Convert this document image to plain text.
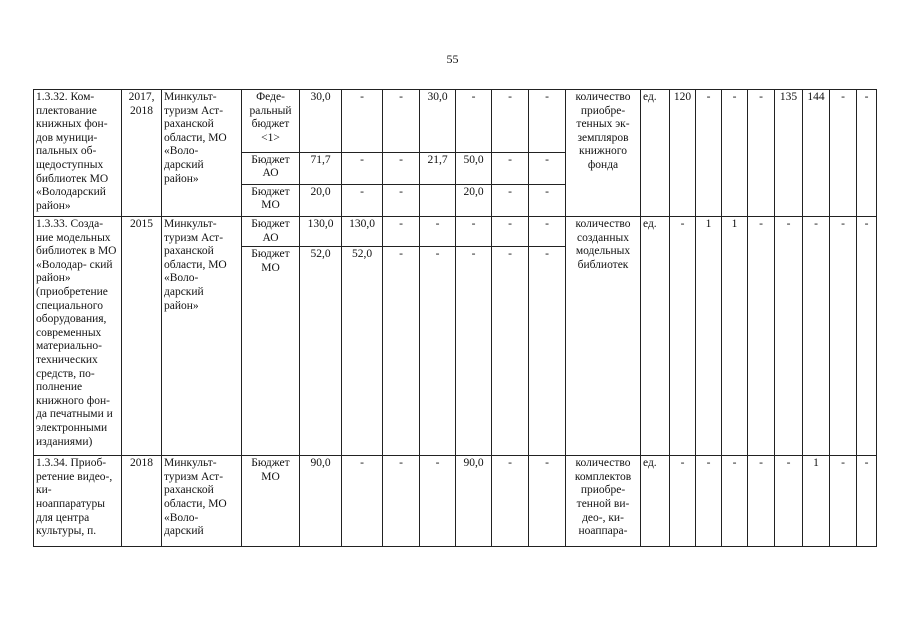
55
1.3.32. Ком- плектование книжных фон- дов муници- пальных об- щедоступных библиотек МО «Володарский район»	2017, 2018	Минкульт- туризм Аст- раханской области, МО «Воло- дарский район»	Феде- ральный бюджет <1>	30,0	-	-	30,0	-	-	-	количество приобре- тенных эк- земпляров книжного фонда	ед.	120	-	-	-	135	144	-	-
			Бюджет АО	71,7	-	-	21,7	50,0	-	-										
			Бюджет МО	20,0	-	-		20,0	-	-										
1.3.33. Созда- ние модельных библиотек в МО «Володар- ский район» (приобретение специального оборудования, современных материально- технических средств, по- полнение книжного фон- да печатными и электронными изданиями)	2015	Минкульт- туризм Аст- раханской области, МО «Воло- дарский район»	Бюджет АО	130,0	130,0	-	-	-	-	-	количество созданных модельных библиотек	ед.	-	1	1	-	-	-	-	-
			Бюджет МО	52,0	52,0	-	-	-	-	-										
1.3.34. Приоб- ретение видео-, ки- ноаппаратуры для центра культуры, п.	2018	Минкульт- туризм Аст- раханской области, МО «Воло- дарский	Бюджет МО	90,0	-	-	-	90,0	-	-	количество комплектов приобре- тенной ви- део-, ки- ноаппара-	ед.	-	-	-	-	-	1	-	-
